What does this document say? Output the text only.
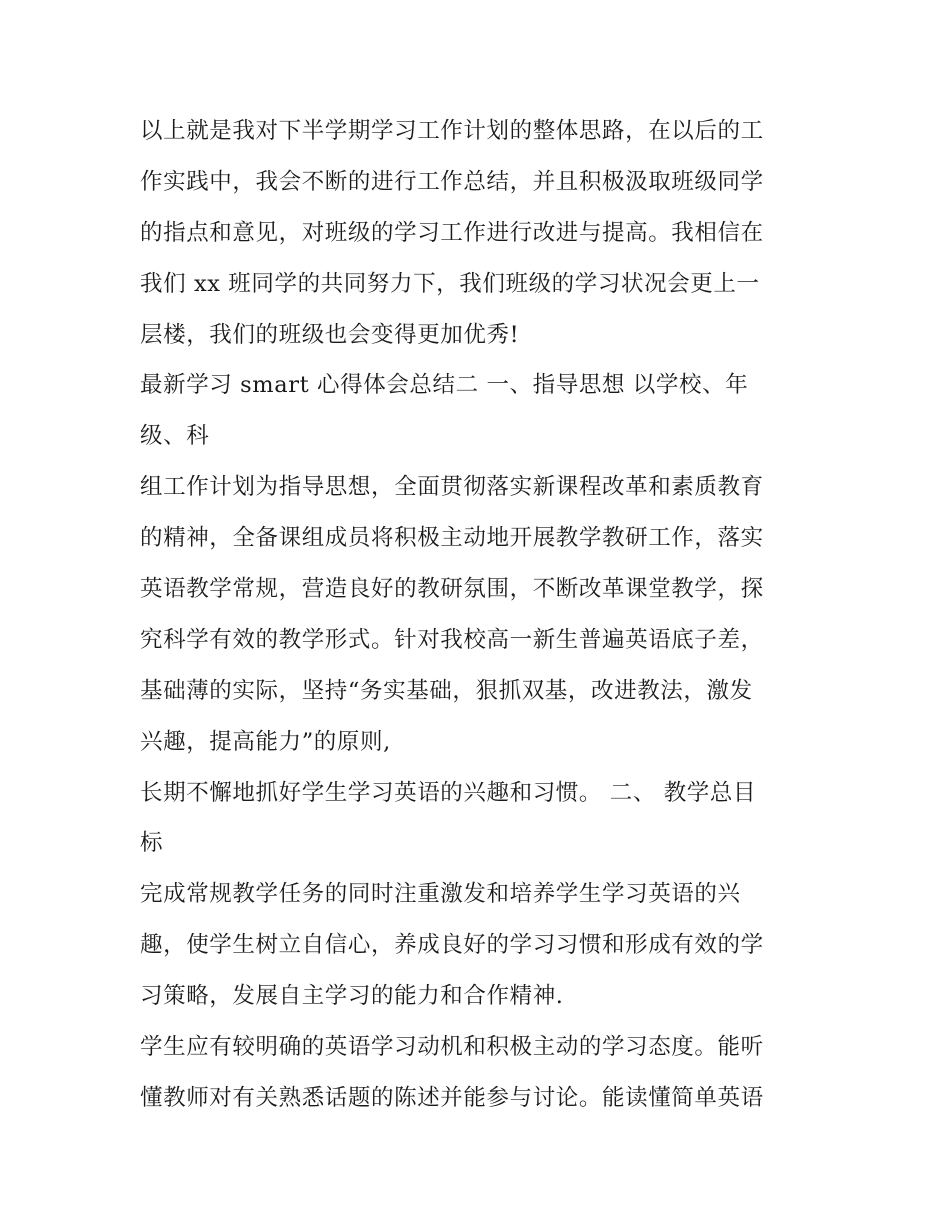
以上就是我对下半学期学习工作计划的整体思路，在以后的工
作实践中，我会不断的进行工作总结，并且积极汲取班级同学
的指点和意见，对班级的学习工作进行改进与提高。我相信在
我们 xx 班同学的共同努力下，我们班级的学习状况会更上一
层楼，我们的班级也会变得更加优秀!
最新学习 smart 心得体会总结二 一、指导思想 以学校、年
级、科
组工作计划为指导思想，全面贯彻落实新课程改革和素质教育
的精神，全备课组成员将积极主动地开展教学教研工作，落实
英语教学常规，营造良好的教研氛围，不断改革课堂教学，探
究科学有效的教学形式。针对我校高一新生普遍英语底子差，
基础薄的实际，坚持“务实基础，狠抓双基，改进教法，激发
兴趣，提高能力”的原则,
长期不懈地抓好学生学习英语的兴趣和习惯。 二、 教学总目
标
完成常规教学任务的同时注重激发和培养学生学习英语的兴
趣，使学生树立自信心，养成良好的学习习惯和形成有效的学
习策略，发展自主学习的能力和合作精神.
学生应有较明确的英语学习动机和积极主动的学习态度。能听
懂教师对有关熟悉话题的陈述并能参与讨论。能读懂简单英语
